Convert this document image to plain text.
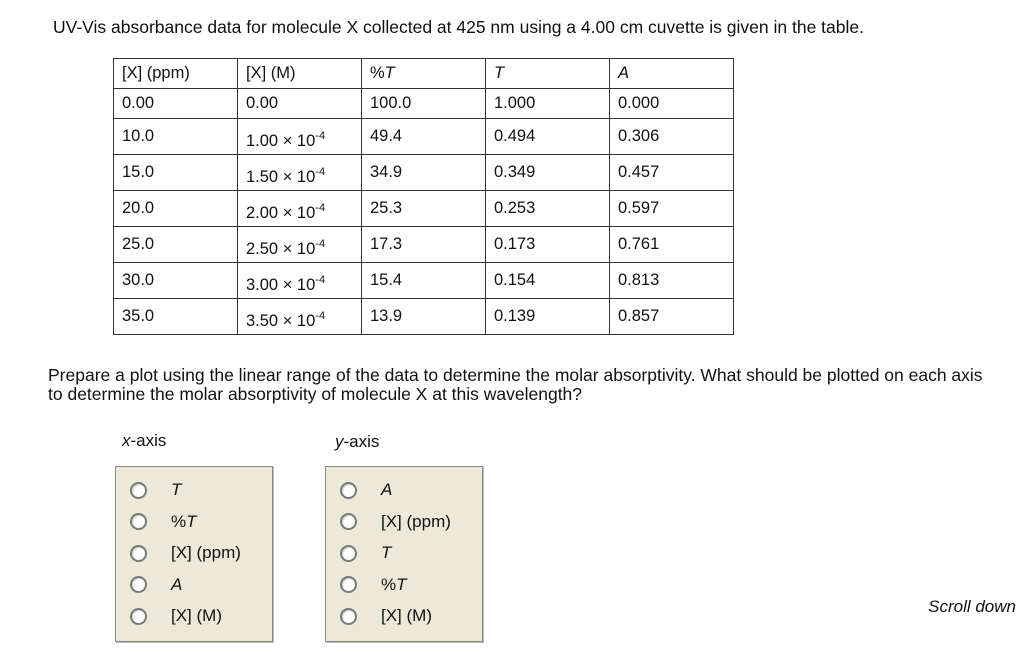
UV-Vis absorbance data for molecule X collected at 425 nm using a 4.00 cm cuvette is given in the table.
[X] (ppm)	[X] (M)	%T	T	A
0.00	0.00	100.0	1.000	0.000
10.0	$1.00 \times 10^{-4}$	49.4	0.494	0.306
15.0	$1.50 \times 10^{-4}$	34.9	0.349	0.457
20.0	$2.00 \times 10^{-4}$	25.3	0.253	0.597
25.0	$2.50 \times 10^{-4}$	17.3	0.173	0.761
30.0	$3.00 \times 10^{-4}$	15.4	0.154	0.813
35.0	$3.50 \times 10^{-4}$	13.9	0.139	0.857

Prepare a plot using the linear range of the data to determine the molar absorptivity. What should be plotted on each axis to determine the molar absorptivity of molecule X at this wavelength?

x-axis	y-axis
T
%T
[X] (ppm)
A
[X] (M)
A
[X] (ppm)
T
%T
[X] (M)	Scroll down
